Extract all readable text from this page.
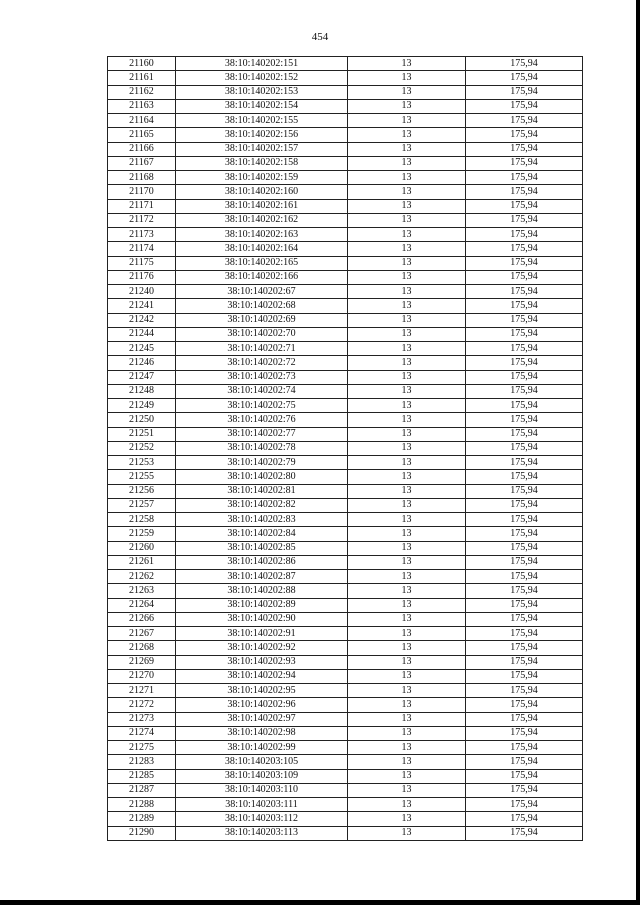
454
21160	38:10:140202:151	13	175,94
21161	38:10:140202:152	13	175,94
21162	38:10:140202:153	13	175,94
21163	38:10:140202:154	13	175,94
21164	38:10:140202:155	13	175,94
21165	38:10:140202:156	13	175,94
21166	38:10:140202:157	13	175,94
21167	38:10:140202:158	13	175,94
21168	38:10:140202:159	13	175,94
21170	38:10:140202:160	13	175,94
21171	38:10:140202:161	13	175,94
21172	38:10:140202:162	13	175,94
21173	38:10:140202:163	13	175,94
21174	38:10:140202:164	13	175,94
21175	38:10:140202:165	13	175,94
21176	38:10:140202:166	13	175,94
21240	38:10:140202:67	13	175,94
21241	38:10:140202:68	13	175,94
21242	38:10:140202:69	13	175,94
21244	38:10:140202:70	13	175,94
21245	38:10:140202:71	13	175,94
21246	38:10:140202:72	13	175,94
21247	38:10:140202:73	13	175,94
21248	38:10:140202:74	13	175,94
21249	38:10:140202:75	13	175,94
21250	38:10:140202:76	13	175,94
21251	38:10:140202:77	13	175,94
21252	38:10:140202:78	13	175,94
21253	38:10:140202:79	13	175,94
21255	38:10:140202:80	13	175,94
21256	38:10:140202:81	13	175,94
21257	38:10:140202:82	13	175,94
21258	38:10:140202:83	13	175,94
21259	38:10:140202:84	13	175,94
21260	38:10:140202:85	13	175,94
21261	38:10:140202:86	13	175,94
21262	38:10:140202:87	13	175,94
21263	38:10:140202:88	13	175,94
21264	38:10:140202:89	13	175,94
21266	38:10:140202:90	13	175,94
21267	38:10:140202:91	13	175,94
21268	38:10:140202:92	13	175,94
21269	38:10:140202:93	13	175,94
21270	38:10:140202:94	13	175,94
21271	38:10:140202:95	13	175,94
21272	38:10:140202:96	13	175,94
21273	38:10:140202:97	13	175,94
21274	38:10:140202:98	13	175,94
21275	38:10:140202:99	13	175,94
21283	38:10:140203:105	13	175,94
21285	38:10:140203:109	13	175,94
21287	38:10:140203:110	13	175,94
21288	38:10:140203:111	13	175,94
21289	38:10:140203:112	13	175,94
21290	38:10:140203:113	13	175,94
